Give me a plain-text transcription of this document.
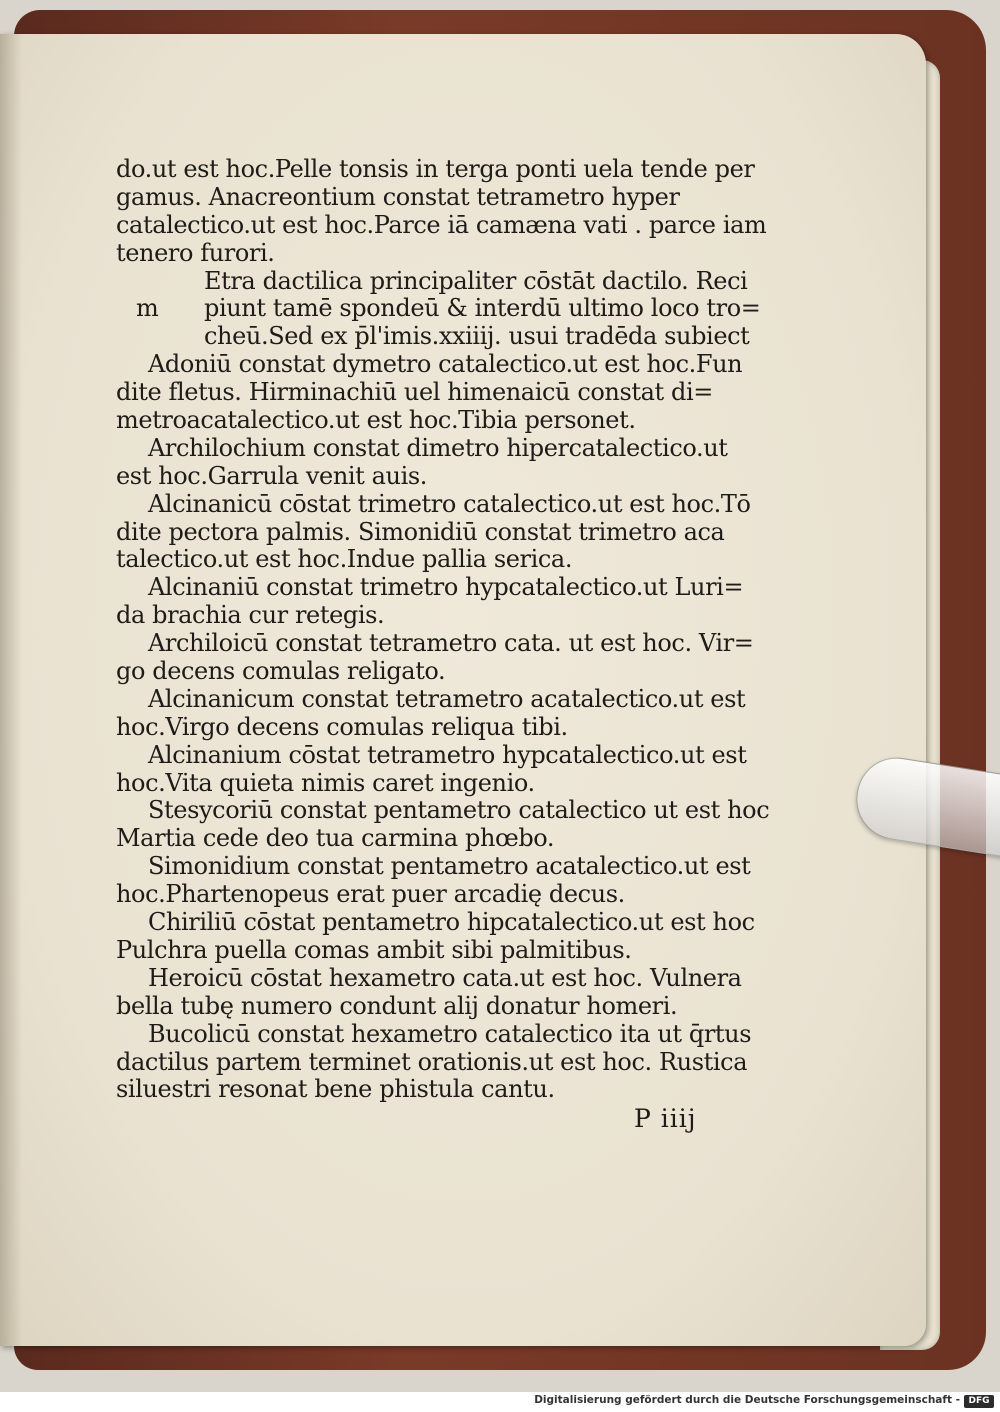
do.ut est hoc.Pelle tonsis in terga ponti uela tende per
gamus. Anacreontium constat tetrametro hyper
catalectico.ut est hoc.Parce iā camæna vati . parce iam
tenero furori.
Etra dactilica principaliter cōstāt dactilo. Reci
m piunt tamē spondeū & interdū ultimo loco tro=
cheū.Sed ex p̄l'imis.xxiiij. usui tradēda subiect
Adoniū constat dymetro catalectico.ut est hoc.Fun
dite fletus. Hirminachiū uel himenaicū constat di=
metroacatalectico.ut est hoc.Tibia personet.
Archilochium constat dimetro hipercatalectico.ut
est hoc.Garrula venit auis.
Alcinanicū cōstat trimetro catalectico.ut est hoc.Tō
dite pectora palmis. Simonidiū constat trimetro aca
talectico.ut est hoc.Indue pallia serica.
Alcinaniū constat trimetro hypcatalectico.ut Luri=
da brachia cur retegis.
Archiloicū constat tetrametro cata. ut est hoc. Vir=
go decens comulas religato.
Alcinanicum constat tetrametro acatalectico.ut est
hoc.Virgo decens comulas reliqua tibi.
Alcinanium cōstat tetrametro hypcatalectico.ut est
hoc.Vita quieta nimis caret ingenio.
Stesycoriū constat pentametro catalectico ut est hoc
Martia cede deo tua carmina phœbo.
Simonidium constat pentametro acatalectico.ut est
hoc.Phartenopeus erat puer arcadię decus.
Chiriliū cōstat pentametro hipcatalectico.ut est hoc
Pulchra puella comas ambit sibi palmitibus.
Heroicū cōstat hexametro cata.ut est hoc. Vulnera
bella tubę numero condunt alij donatur homeri.
Bucolicū constat hexametro catalectico ita ut q̄rtus
dactilus partem terminet orationis.ut est hoc. Rustica
siluestri resonat bene phistula cantu.
P iiij
Digitalisierung gefördert durch die Deutsche Forschungsgemeinschaft - DFG
